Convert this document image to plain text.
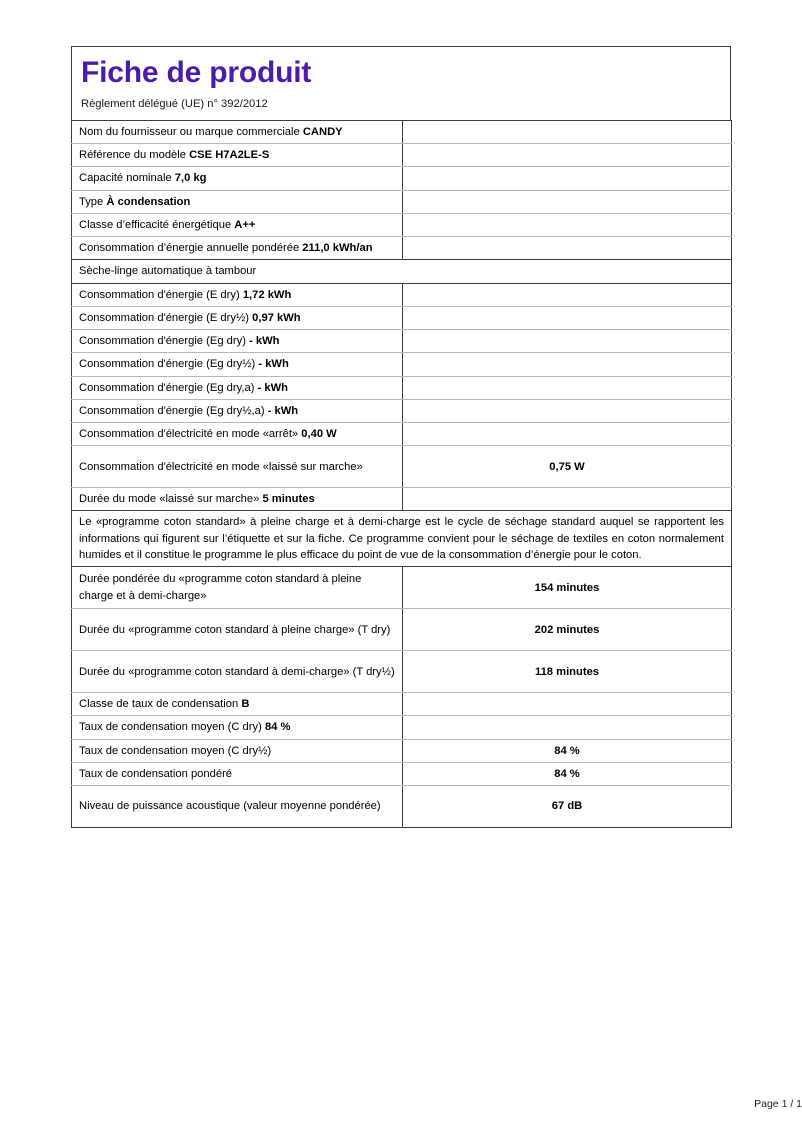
Fiche de produit
Règlement délégué (UE) n° 392/2012
Nom du fournisseur ou marque commerciale CANDY	
Référence du modèle CSE H7A2LE-S	
Capacité nominale 7,0 kg	
Type À condensation	
Classe d’efficacité énergétique A++	
Consommation d’énergie annuelle pondérée 211,0 kWh/an	
Sèche-linge automatique à tambour	
Consommation d'énergie (E dry) 1,72 kWh	
Consommation d'énergie (E dry½) 0,97 kWh	
Consommation d'énergie (Eg dry) - kWh	
Consommation d'énergie (Eg dry½) - kWh	
Consommation d'énergie (Eg dry,a) - kWh	
Consommation d'énergie (Eg dry½,a) - kWh	
Consommation d'électricité en mode «arrêt» 0,40 W	
Consommation d'électricité en mode «laissé sur marche»	0,75 W
Durée du mode «laissé sur marche» 5 minutes	
Le «programme coton standard» à pleine charge et à demi-charge est le cycle de séchage standard auquel se rapportent les informations qui figurent sur l’étiquette et sur la fiche. Ce programme convient pour le séchage de textiles en coton normalement humides et il constitue le programme le plus efficace du point de vue de la consommation d’énergie pour le coton.	
Durée pondérée du «programme coton standard à pleine charge et à demi-charge»	154 minutes
Durée du «programme coton standard à pleine charge» (T dry)	202 minutes
Durée du «programme coton standard à demi-charge» (T dry½)	118 minutes
Classe de taux de condensation B	
Taux de condensation moyen (C dry) 84 %	
Taux de condensation moyen (C dry½)	84 %
Taux de condensation pondéré	84 %
Niveau de puissance acoustique (valeur moyenne pondérée)	67 dB
Page 1 / 1
